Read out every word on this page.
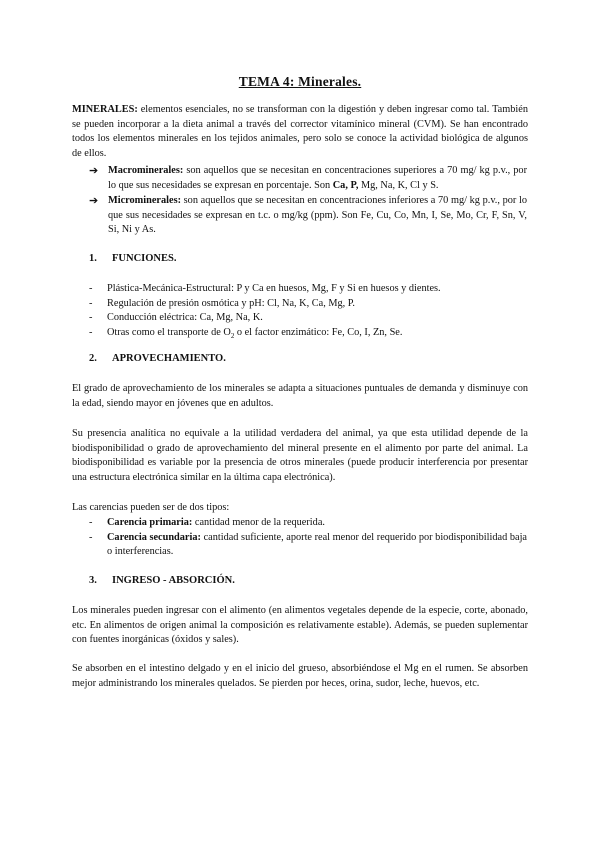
TEMA 4: Minerales.

MINERALES: elementos esenciales, no se transforman con la digestión y deben ingresar como tal. También se pueden incorporar a la dieta animal a través del corrector vitamínico mineral (CVM). Se han encontrado todos los elementos minerales en los tejidos animales, pero solo se conoce la actividad biológica de algunos de ellos.

➔ Macrominerales: son aquellos que se necesitan en concentraciones superiores a 70 mg/ kg p.v., por lo que sus necesidades se expresan en porcentaje. Son Ca, P, Mg, Na, K, Cl y S.
➔ Microminerales: son aquellos que se necesitan en concentraciones inferiores a 70 mg/ kg p.v., por lo que sus necesidades se expresan en t.c. o mg/kg (ppm). Son Fe, Cu, Co, Mn, I, Se, Mo, Cr, F, Sn, V, Si, Ni y As.
1. FUNCIONES.
- Plástica-Mecánica-Estructural: P y Ca en huesos, Mg, F y Si en huesos y dientes.
- Regulación de presión osmótica y pH: Cl, Na, K, Ca, Mg, P.
- Conducción eléctrica: Ca, Mg, Na, K.
- Otras como el transporte de $O_2$ o el factor enzimático: Fe, Co, I, Zn, Se.
2. APROVECHAMIENTO.

El grado de aprovechamiento de los minerales se adapta a situaciones puntuales de demanda y disminuye con la edad, siendo mayor en jóvenes que en adultos.

Su presencia analítica no equivale a la utilidad verdadera del animal, ya que esta utilidad depende de la biodisponibilidad o grado de aprovechamiento del mineral presente en el alimento por parte del animal. La biodisponibilidad es variable por la presencia de otros minerales (puede producir interferencia por presentar una estructura electrónica similar en la última capa electrónica).

Las carencias pueden ser de dos tipos:

- Carencia primaria: cantidad menor de la requerida.
- Carencia secundaria: cantidad suficiente, aporte real menor del requerido por biodisponibilidad baja o interferencias.
3. INGRESO - ABSORCIÓN.

Los minerales pueden ingresar con el alimento (en alimentos vegetales depende de la especie, corte, abonado, etc. En alimentos de origen animal la composición es relativamente estable). Además, se pueden suplementar con fuentes inorgánicas (óxidos y sales).

Se absorben en el intestino delgado y en el inicio del grueso, absorbiéndose el Mg en el rumen. Se absorben mejor administrando los minerales quelados. Se pierden por heces, orina, sudor, leche, huevos, etc.
